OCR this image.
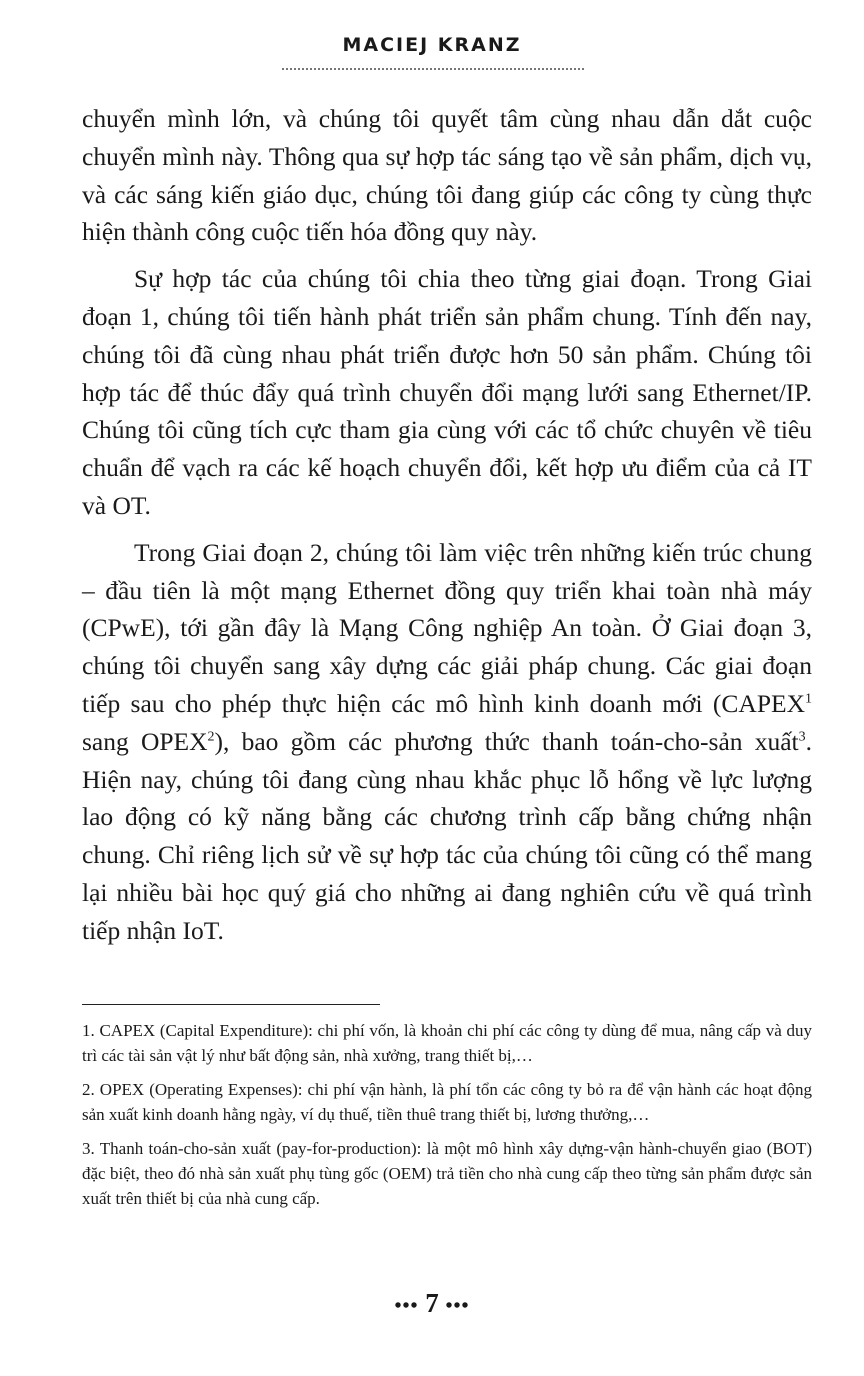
MACIEJ KRANZ

chuyển mình lớn, và chúng tôi quyết tâm cùng nhau dẫn dắt cuộc chuyển mình này. Thông qua sự hợp tác sáng tạo về sản phẩm, dịch vụ, và các sáng kiến giáo dục, chúng tôi đang giúp các công ty cùng thực hiện thành công cuộc tiến hóa đồng quy này.

Sự hợp tác của chúng tôi chia theo từng giai đoạn. Trong Giai đoạn 1, chúng tôi tiến hành phát triển sản phẩm chung. Tính đến nay, chúng tôi đã cùng nhau phát triển được hơn 50 sản phẩm. Chúng tôi hợp tác để thúc đẩy quá trình chuyển đổi mạng lưới sang Ethernet/IP. Chúng tôi cũng tích cực tham gia cùng với các tổ chức chuyên về tiêu chuẩn để vạch ra các kế hoạch chuyển đổi, kết hợp ưu điểm của cả IT và OT.

Trong Giai đoạn 2, chúng tôi làm việc trên những kiến trúc chung – đầu tiên là một mạng Ethernet đồng quy triển khai toàn nhà máy (CPwE), tới gần đây là Mạng Công nghiệp An toàn. Ở Giai đoạn 3, chúng tôi chuyển sang xây dựng các giải pháp chung. Các giai đoạn tiếp sau cho phép thực hiện các mô hình kinh doanh mới (CAPEX$^1$ sang OPEX$^2$), bao gồm các phương thức thanh toán-cho-sản xuất$^3$. Hiện nay, chúng tôi đang cùng nhau khắc phục lỗ hổng về lực lượng lao động có kỹ năng bằng các chương trình cấp bằng chứng nhận chung. Chỉ riêng lịch sử về sự hợp tác của chúng tôi cũng có thể mang lại nhiều bài học quý giá cho những ai đang nghiên cứu về quá trình tiếp nhận IoT.

1. CAPEX (Capital Expenditure): chi phí vốn, là khoản chi phí các công ty dùng để mua, nâng cấp và duy trì các tài sản vật lý như bất động sản, nhà xưởng, trang thiết bị,…

2. OPEX (Operating Expenses): chi phí vận hành, là phí tổn các công ty bỏ ra để vận hành các hoạt động sản xuất kinh doanh hằng ngày, ví dụ thuế, tiền thuê trang thiết bị, lương thưởng,…

3. Thanh toán-cho-sản xuất (pay-for-production): là một mô hình xây dựng-vận hành-chuyển giao (BOT) đặc biệt, theo đó nhà sản xuất phụ tùng gốc (OEM) trả tiền cho nhà cung cấp theo từng sản phẩm được sản xuất trên thiết bị của nhà cung cấp.

••• 7 •••
